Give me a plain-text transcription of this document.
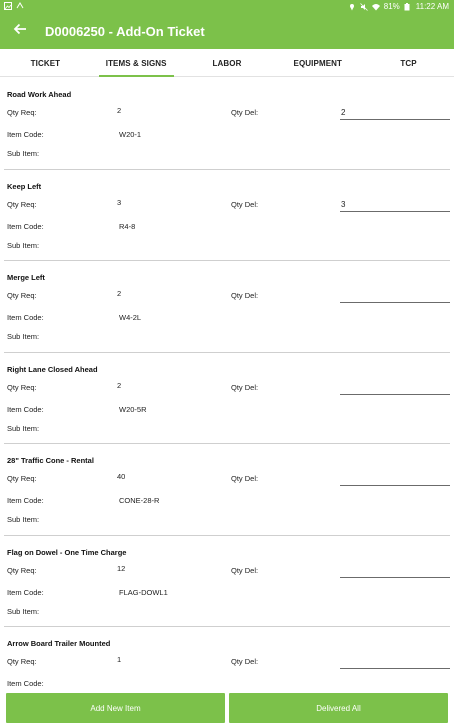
81% 11:22 AM
D0006250 - Add-On Ticket
TICKET	ITEMS & SIGNS	LABOR	EQUIPMENT	TCP
Road Work Ahead
Qty Req:	2	Qty Del:	2
Item Code:	W20-1
Sub Item:
Keep Left
Qty Req:	3	Qty Del:	3
Item Code:	R4-8
Sub Item:
Merge Left
Qty Req:	2	Qty Del:
Item Code:	W4-2L
Sub Item:
Right Lane Closed Ahead
Qty Req:	2	Qty Del:
Item Code:	W20-5R
Sub Item:
28" Traffic Cone - Rental
Qty Req:	40	Qty Del:
Item Code:	CONE-28-R
Sub Item:
Flag on Dowel - One Time Charge
Qty Req:	12	Qty Del:
Item Code:	FLAG-DOWL1
Sub Item:
Arrow Board Trailer Mounted
Qty Req:	1	Qty Del:
Item Code:
Add New Item	Delivered All
